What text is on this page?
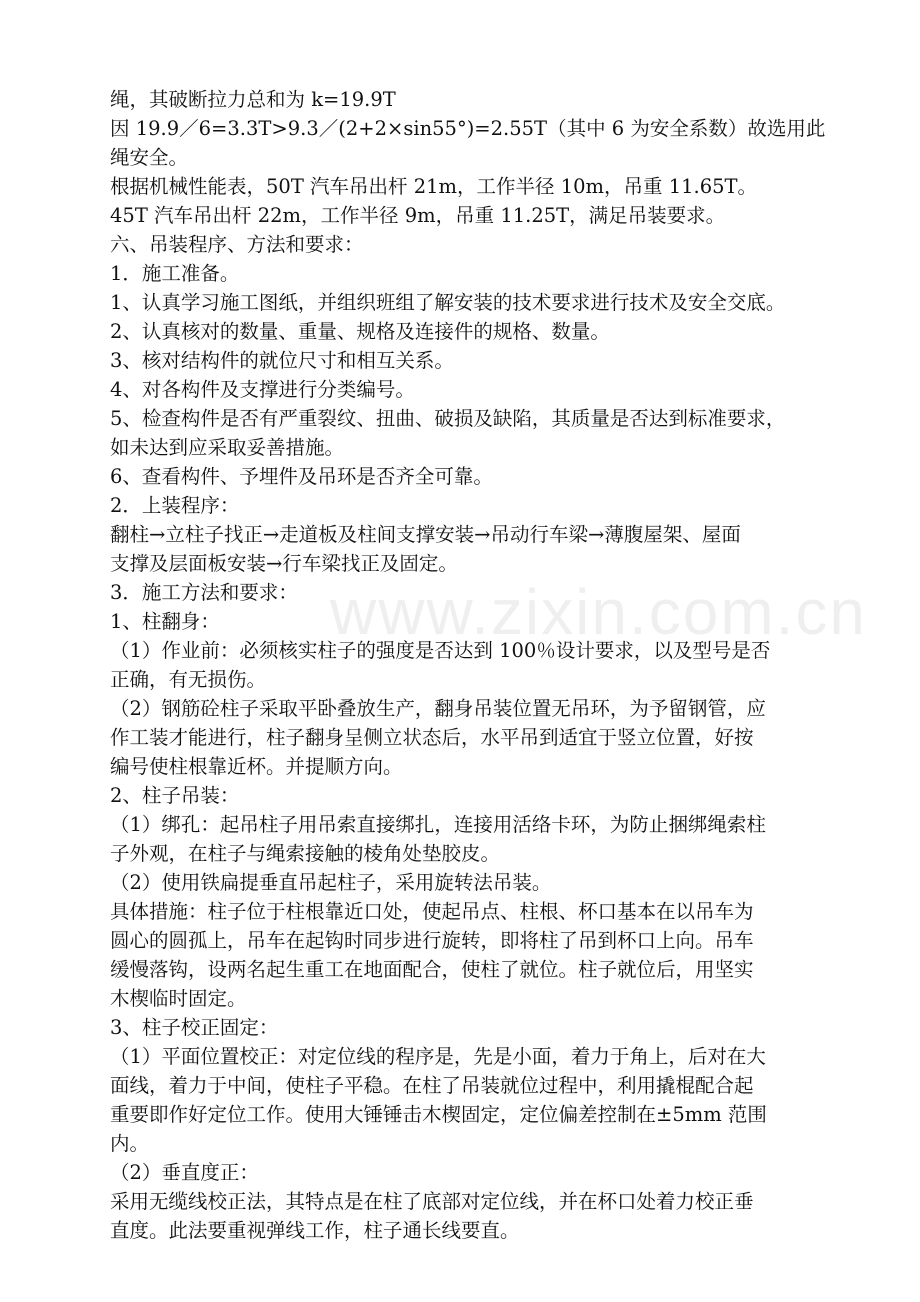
www.zixin.com.cn
绳，其破断拉力总和为 k=19.9T
因 19.9／6=3.3T>9.3／(2+2×sin55°)=2.55T（其中 6 为安全系数）故选用此
绳安全。
根据机械性能表，50T 汽车吊出杆 21m，工作半径 10m，吊重 11.65T。
45T 汽车吊出杆 22m，工作半径 9m，吊重 11.25T，满足吊装要求。
六、吊装程序、方法和要求：
1．施工准备。
1、认真学习施工图纸，并组织班组了解安装的技术要求进行技术及安全交底。
2、认真核对的数量、重量、规格及连接件的规格、数量。
3、核对结构件的就位尺寸和相互关系。
4、对各构件及支撑进行分类编号。
5、检查构件是否有严重裂纹、扭曲、破损及缺陷，其质量是否达到标准要求，
如未达到应采取妥善措施。
6、查看构件、予埋件及吊环是否齐全可靠。
2．上装程序：
翻柱→立柱子找正→走道板及柱间支撑安装→吊动行车梁→薄腹屋架、屋面
支撑及层面板安装→行车梁找正及固定。
3．施工方法和要求：
1、柱翻身：
（1）作业前：必须核实柱子的强度是否达到 100％设计要求，以及型号是否
正确，有无损伤。
（2）钢筋砼柱子采取平卧叠放生产，翻身吊装位置无吊环，为予留钢管，应
作工装才能进行，柱子翻身呈侧立状态后，水平吊到适宜于竖立位置，好按
编号使柱根靠近杯。并提顺方向。
2、柱子吊装：
（1）绑孔：起吊柱子用吊索直接绑扎，连接用活络卡环，为防止捆绑绳索柱
子外观，在柱子与绳索接触的棱角处垫胶皮。
（2）使用铁扁提垂直吊起柱子，采用旋转法吊装。
具体措施：柱子位于柱根靠近口处，使起吊点、柱根、杯口基本在以吊车为
圆心的圆孤上，吊车在起钩时同步进行旋转，即将柱了吊到杯口上向。吊车
缓慢落钩，设两名起生重工在地面配合，使柱了就位。柱子就位后，用坚实
木楔临时固定。
3、柱子校正固定：
（1）平面位置校正：对定位线的程序是，先是小面，着力于角上，后对在大
面线，着力于中间，使柱子平稳。在柱了吊装就位过程中，利用撬棍配合起
重要即作好定位工作。使用大锤锤击木楔固定，定位偏差控制在±5mm 范围
内。
（2）垂直度正：
采用无缆线校正法，其特点是在柱了底部对定位线，并在杯口处着力校正垂
直度。此法要重视弹线工作，柱子通长线要直。
